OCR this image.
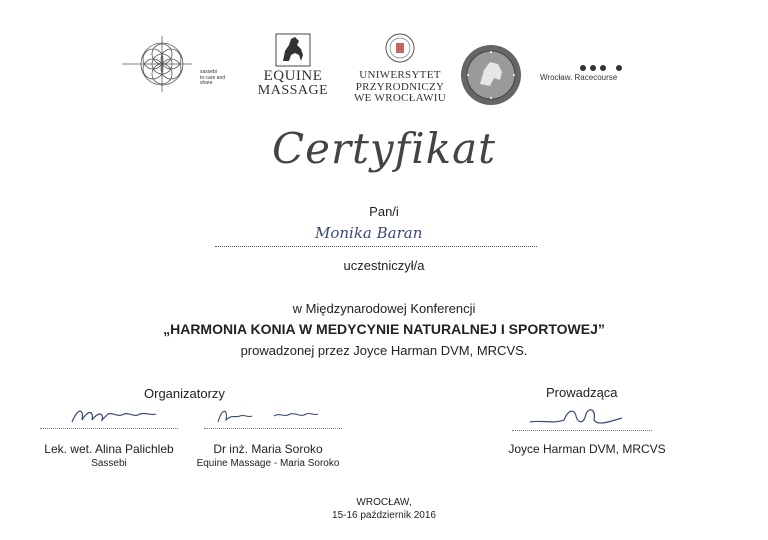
sassebi
to care and share	EQUINE
MASSAGE
UNIWERSYTET
PRZYRODNICZY
WE WROCŁAWIU
Wrocław. Racecourse
Certyfikat
Pan/i
Monika Baran
uczestniczył/a
w Międzynarodowej Konferencji
„HARMONIA KONIA W MEDYCYNIE NATURALNEJ I SPORTOWEJ”
prowadzonej przez Joyce Harman DVM, MRCVS.
Organizatorzy
Lek. wet. Alina Palichleb
Sassebi
Dr inż. Maria Soroko
Equine Massage - Maria Soroko
Prowadząca
Joyce Harman DVM, MRCVS
WROCŁAW,
15-16 październik 2016
